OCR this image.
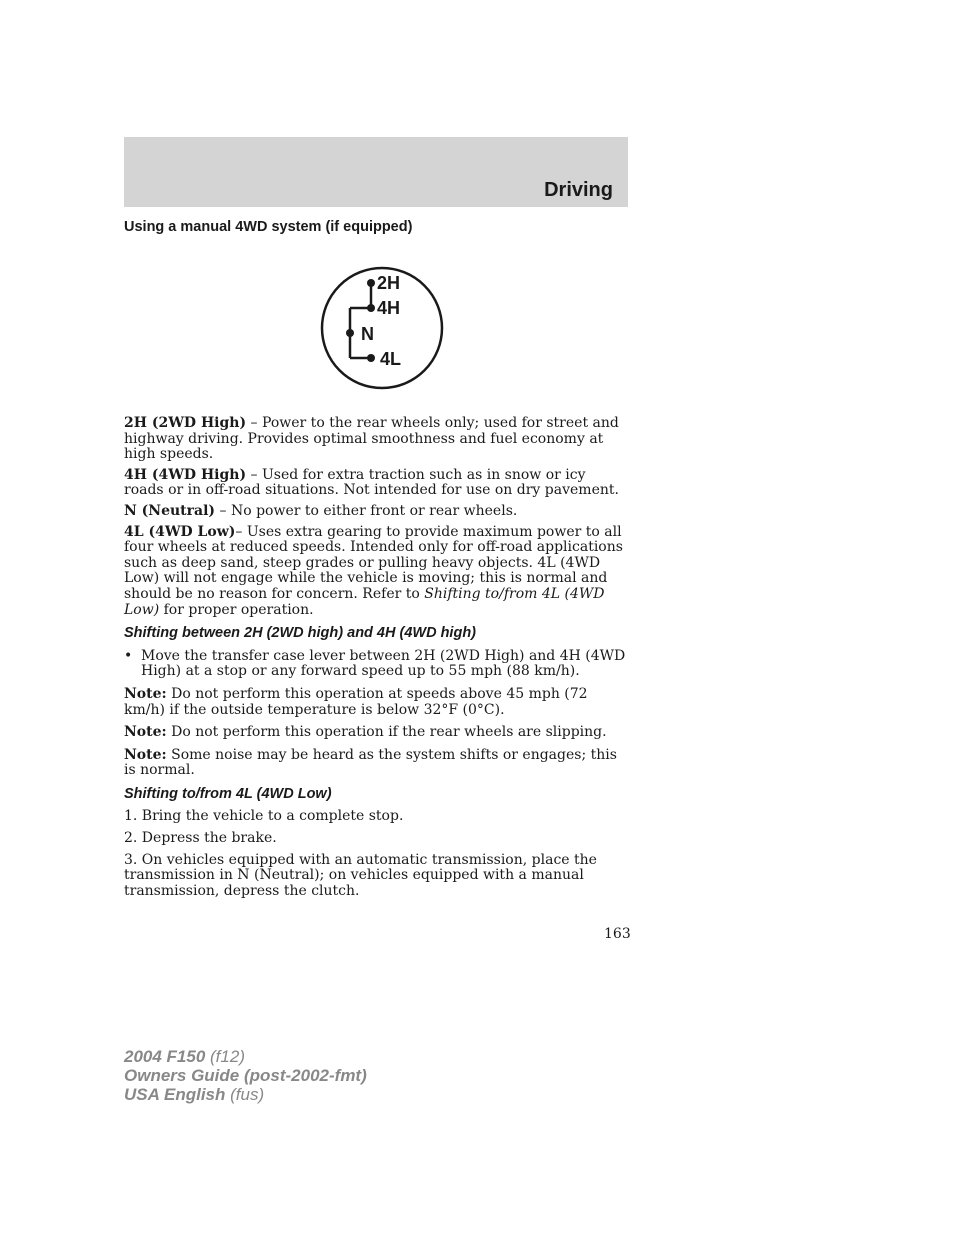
Driving

Using a manual 4WD system (if equipped)

2H
4H
N
4L

2H (2WD High) – Power to the rear wheels only; used for street and highway driving. Provides optimal smoothness and fuel economy at high speeds.

4H (4WD High) – Used for extra traction such as in snow or icy roads or in off-road situations. Not intended for use on dry pavement.

N (Neutral) – No power to either front or rear wheels.

4L (4WD Low)– Uses extra gearing to provide maximum power to all four wheels at reduced speeds. Intended only for off-road applications such as deep sand, steep grades or pulling heavy objects. 4L (4WD Low) will not engage while the vehicle is moving; this is normal and should be no reason for concern. Refer to Shifting to/from 4L (4WD Low) for proper operation.

Shifting between 2H (2WD high) and 4H (4WD high)

• Move the transfer case lever between 2H (2WD High) and 4H (4WD High) at a stop or any forward speed up to 55 mph (88 km/h).

Note: Do not perform this operation at speeds above 45 mph (72 km/h) if the outside temperature is below 32°F (0°C).

Note: Do not perform this operation if the rear wheels are slipping.

Note: Some noise may be heard as the system shifts or engages; this is normal.

Shifting to/from 4L (4WD Low)

1. Bring the vehicle to a complete stop.

2. Depress the brake.

3. On vehicles equipped with an automatic transmission, place the transmission in N (Neutral); on vehicles equipped with a manual transmission, depress the clutch.

163
2004 F150 (f12)
Owners Guide (post-2002-fmt)
USA English (fus)
